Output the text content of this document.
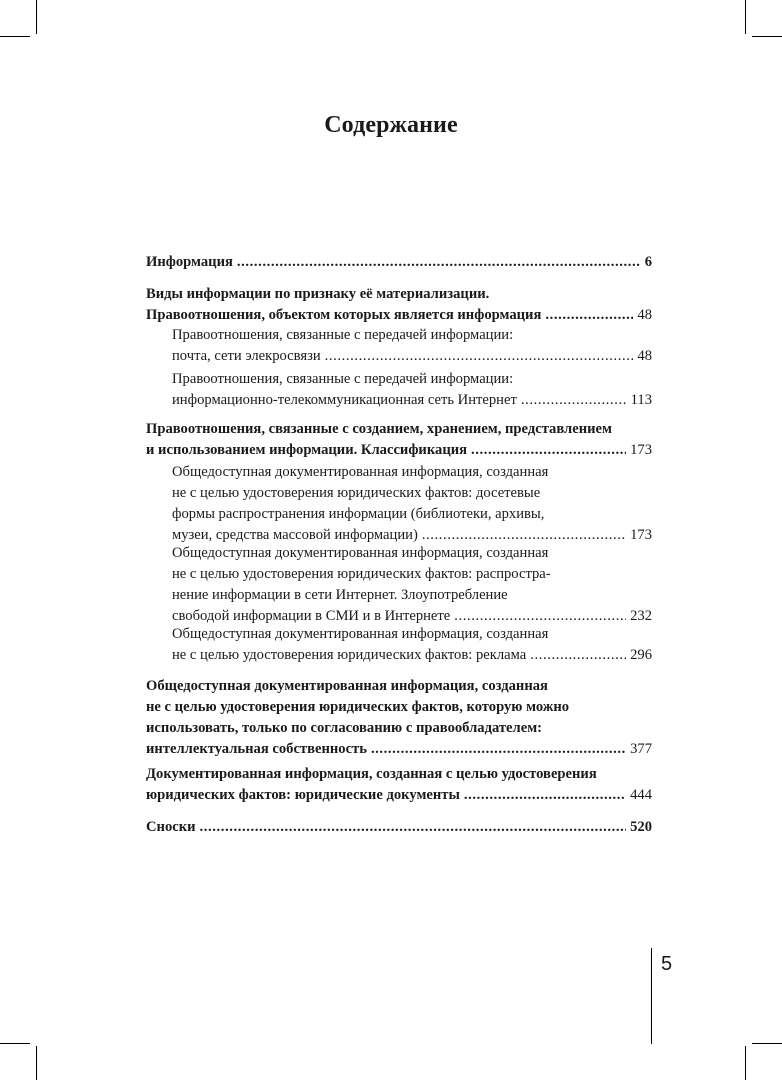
Содержание
Информация .....	6
Виды информации по признаку её материализации.
Правоотношения, объектом которых является информация .....	48
Правоотношения, связанные с передачей информации:
почта, сети элекросвязи .....	48
Правоотношения, связанные с передачей информации:
информационно-телекоммуникационная сеть Интернет .....	113
Правоотношения, связанные с созданием, хранением, представлением
и использованием информации. Классификация .....	173
Общедоступная документированная информация, созданная
не с целью удостоверения юридических фактов: досетевые
формы распространения информации (библиотеки, архивы,
музеи, средства массовой информации) .....	173
Общедоступная документированная информация, созданная
не с целью удостоверения юридических фактов: распростра-
нение информации в сети Интернет. Злоупотребление
свободой информации в СМИ и в Интернете .....	232
Общедоступная документированная информация, созданная
не с целью удостоверения юридических фактов: реклама .....	296
Общедоступная документированная информация, созданная
не с целью удостоверения юридических фактов, которую можно
использовать, только по согласованию с правообладателем:
интеллектуальная собственность .....	377
Документированная информация, созданная с целью удостоверения
юридических фактов: юридические документы .....	444
Сноски .....	520
5
